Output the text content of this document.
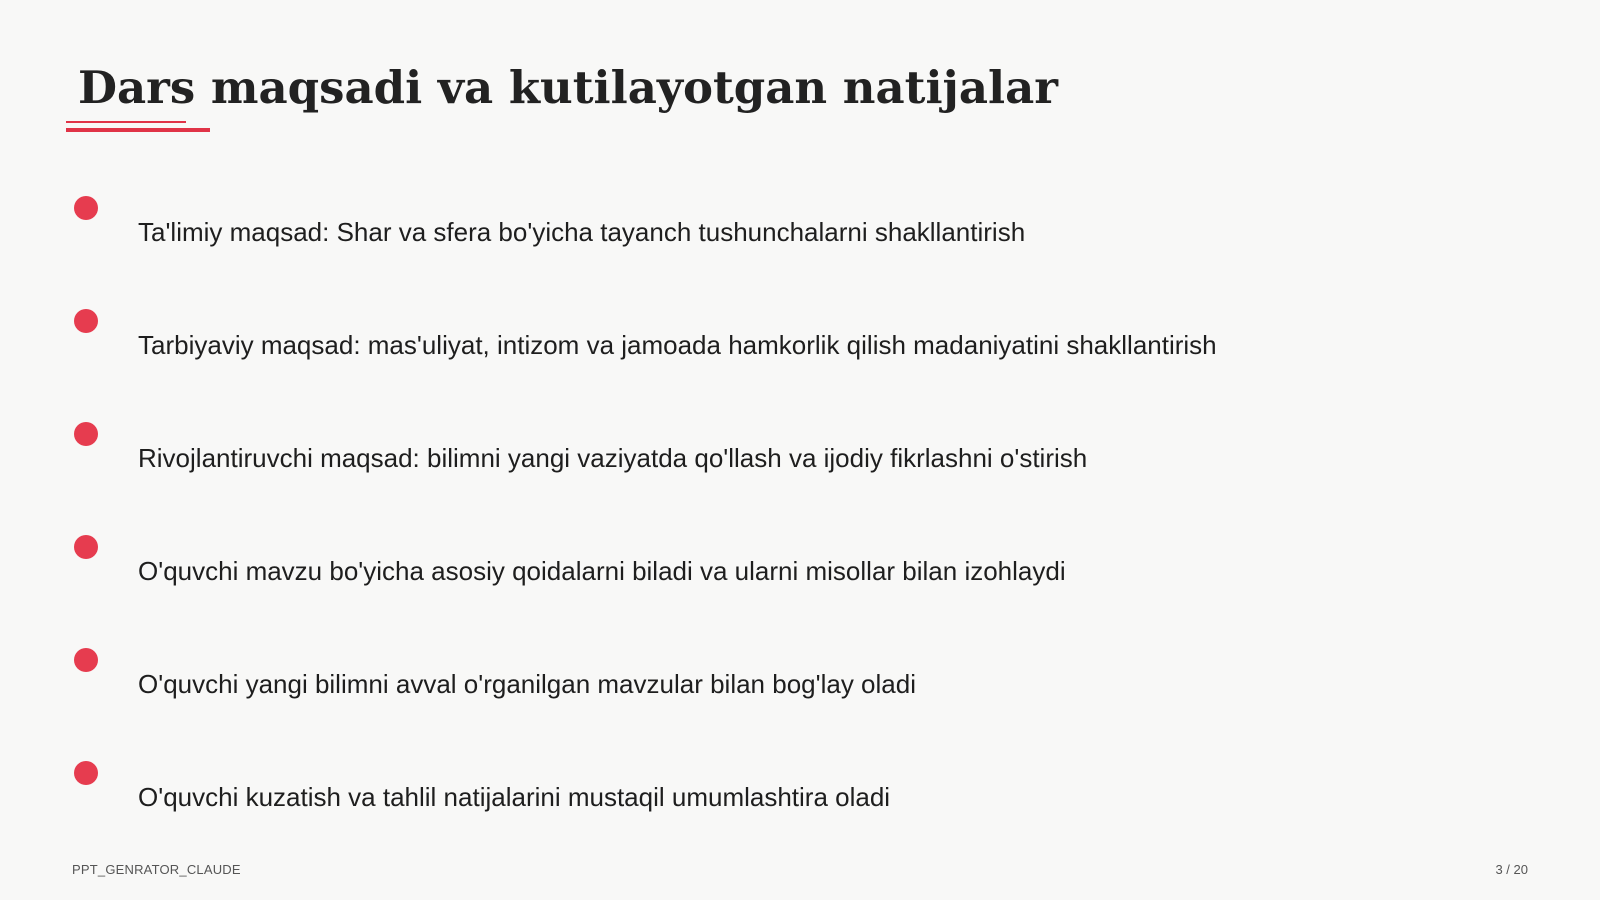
Dars maqsadi va kutilayotgan natijalar
Ta'limiy maqsad: Shar va sfera bo'yicha tayanch tushunchalarni shakllantirish
Tarbiyaviy maqsad: mas'uliyat, intizom va jamoada hamkorlik qilish madaniyatini shakllantirish
Rivojlantiruvchi maqsad: bilimni yangi vaziyatda qo'llash va ijodiy fikrlashni o'stirish
O'quvchi mavzu bo'yicha asosiy qoidalarni biladi va ularni misollar bilan izohlaydi
O'quvchi yangi bilimni avval o'rganilgan mavzular bilan bog'lay oladi
O'quvchi kuzatish va tahlil natijalarini mustaqil umumlashtira oladi
PPT_GENRATOR_CLAUDE	3 / 20
